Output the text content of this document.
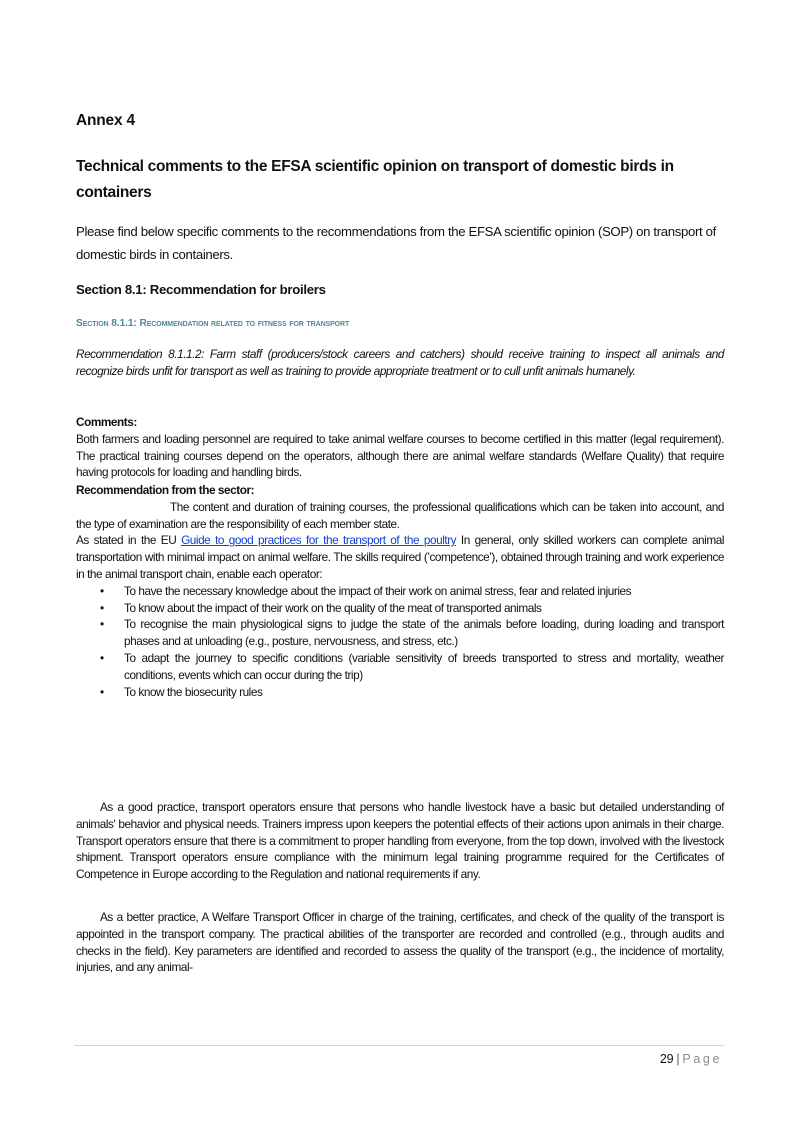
Annex 4
Technical comments to the EFSA scientific opinion on transport of domestic birds in containers
Please find below specific comments to the recommendations from the EFSA scientific opinion (SOP) on transport of domestic birds in containers.
Section 8.1: Recommendation for broilers
Section 8.1.1: Recommendation related to fitness for transport
Recommendation 8.1.1.2: Farm staff (producers/stock careers and catchers) should receive training to inspect all animals and recognize birds unfit for transport as well as training to provide appropriate treatment or to cull unfit animals humanely.
Comments:
Both farmers and loading personnel are required to take animal welfare courses to become certified in this matter (legal requirement). The practical training courses depend on the operators, although there are animal welfare standards (Welfare Quality) that require having protocols for loading and handling birds.
Recommendation from the sector:
The content and duration of training courses, the professional qualifications which can be taken into account, and the type of examination are the responsibility of each member state.
As stated in the EU Guide to good practices for the transport of the poultry In general, only skilled workers can complete animal transportation with minimal impact on animal welfare. The skills required (’competence’), obtained through training and work experience in the animal transport chain, enable each operator:
• To have the necessary knowledge about the impact of their work on animal stress, fear and related injuries
• To know about the impact of their work on the quality of the meat of transported animals
• To recognise the main physiological signs to judge the state of the animals before loading, during loading and transport phases and at unloading (e.g., posture, nervousness, and stress, etc.)
• To adapt the journey to specific conditions (variable sensitivity of breeds transported to stress and mortality, weather conditions, events which can occur during the trip)
• To know the biosecurity rules
As a good practice, transport operators ensure that persons who handle livestock have a basic but detailed understanding of animals' behavior and physical needs. Trainers impress upon keepers the potential effects of their actions upon animals in their charge. Transport operators ensure that there is a commitment to proper handling from everyone, from the top down, involved with the livestock shipment. Transport operators ensure compliance with the minimum legal training programme required for the Certificates of Competence in Europe according to the Regulation and national requirements if any.
As a better practice, A Welfare Transport Officer in charge of the training, certificates, and check of the quality of the transport is appointed in the transport company. The practical abilities of the transporter are recorded and controlled (e.g., through audits and checks in the field). Key parameters are identified and recorded to assess the quality of the transport (e.g., the incidence of mortality, injuries, and any animal-
29 | Page
